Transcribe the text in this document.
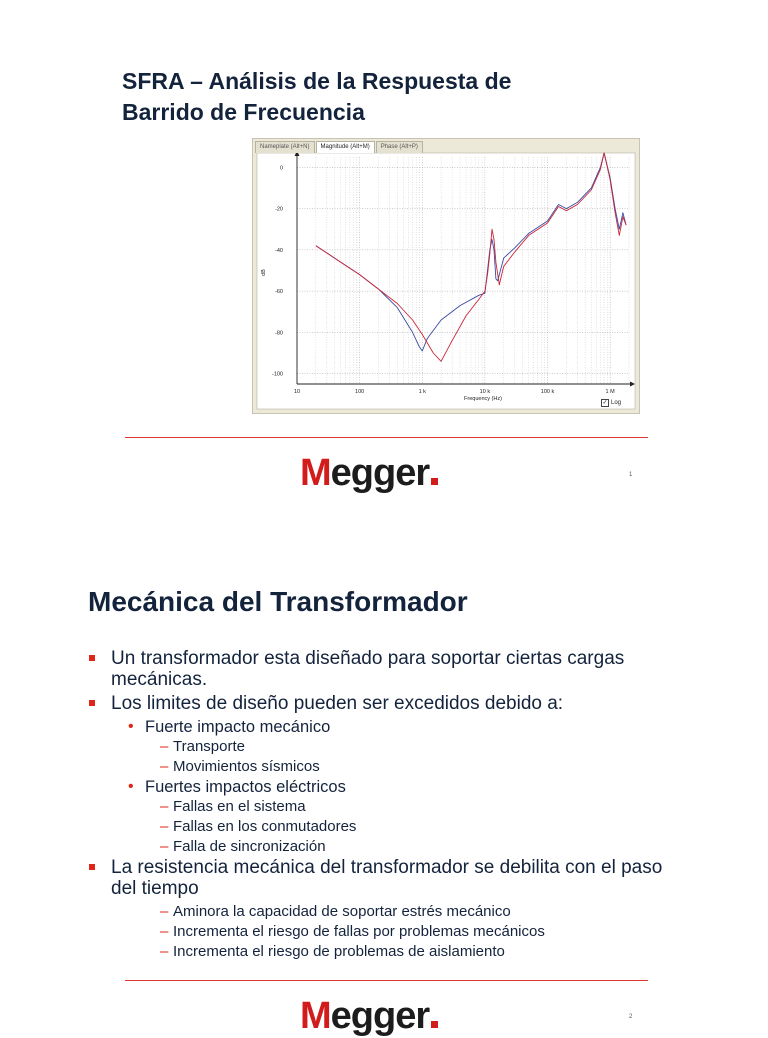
SFRA – Análisis de la Respuesta de
Barrido de Frecuencia
0
-20
-40
-60
-80
-100
10	100	1 k	10 k	100 k	1 M
Frequency (Hz)
dB
Nameplate (Alt+N)	Magnitude (Alt+M)	Phase (Alt+P)
✓ Log
Megger	1
Mecánica del Transformador
Un transformador esta diseñado para soportar ciertas cargas mecánicas.
Los limites de diseño pueden ser excedidos debido a:
• Fuerte impacto mecánico
– Transporte
– Movimientos sísmicos
• Fuertes impactos eléctricos
– Fallas en el sistema
– Fallas en los conmutadores
– Falla de sincronización
La resistencia mecánica del transformador se debilita con el paso del tiempo
– Aminora la capacidad de soportar estrés mecánico
– Incrementa el riesgo de fallas por problemas mecánicos
– Incrementa el riesgo de problemas de aislamiento
Megger	2
